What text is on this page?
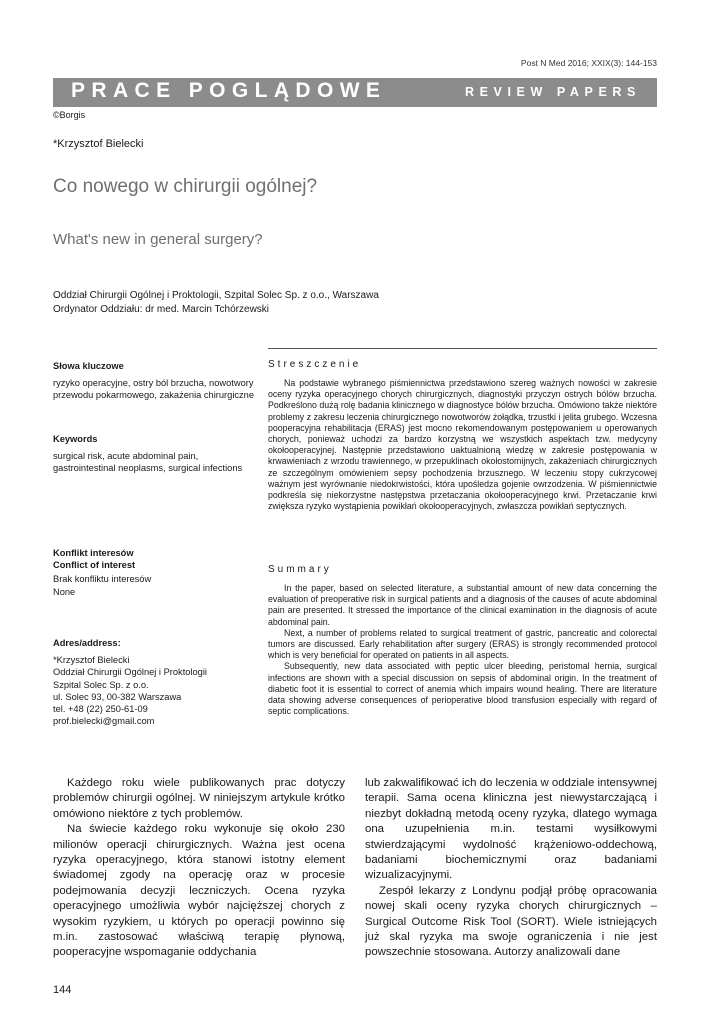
Post N Med 2016; XXIX(3): 144-153
PRACE POGLĄDOWE	REVIEW PAPERS
©Borgis
*Krzysztof Bielecki
Co nowego w chirurgii ogólnej?
What's new in general surgery?
Oddział Chirurgii Ogólnej i Proktologii, Szpital Solec Sp. z o.o., Warszawa
Ordynator Oddziału: dr med. Marcin Tchórzewski
Słowa kluczowe
ryzyko operacyjne, ostry ból brzucha, nowotwory przewodu pokarmowego, zakażenia chirurgiczne
Keywords
surgical risk, acute abdominal pain, gastrointestinal neoplasms, surgical infections
Konflikt interesów
Conflict of interest
Brak konfliktu interesów
None
Adres/address:
*Krzysztof Bielecki
Oddział Chirurgii Ogólnej i Proktologii
Szpital Solec Sp. z o.o.
ul. Solec 93, 00-382 Warszawa
tel. +48 (22) 250-61-09
prof.bielecki@gmail.com
Streszczenie

Na podstawie wybranego piśmiennictwa przedstawiono szereg ważnych nowości w zakresie oceny ryzyka operacyjnego chorych chirurgicznych, diagnostyki przyczyn ostrych bólów brzucha. Podkreślono dużą rolę badania klinicznego w diagnostyce bólów brzucha. Omówiono także niektóre problemy z zakresu leczenia chirurgicznego nowotworów żołądka, trzustki i jelita grubego. Wczesna pooperacyjna rehabilitacja (ERAS) jest mocno rekomendowanym postępowaniem u operowanych chorych, ponieważ uchodzi za bardzo korzystną we wszystkich aspektach tzw. medycyny okołooperacyjnej. Następnie przedstawiono uaktualnioną wiedzę w zakresie postępowania w krwawieniach z wrzodu trawiennego, w przepuklinach okołostomijnych, zakażeniach chirurgicznych ze szczególnym omówieniem sepsy pochodzenia brzusznego. W leczeniu stopy cukrzycowej ważnym jest wyrównanie niedokrwistości, która upośledza gojenie owrzodzenia. W piśmiennictwie podkreśla się niekorzystne następstwa przetaczania okołooperacyjnego krwi. Przetaczanie krwi zwiększa ryzyko wystąpienia powikłań okołooperacyjnych, zwłaszcza powikłań septycznych.

Summary

In the paper, based on selected literature, a substantial amount of new data concerning the evaluation of preoperative risk in surgical patients and a diagnosis of the causes of acute abdominal pain are presented. It stressed the importance of the clinical examination in the diagnosis of acute abdominal pain.

Next, a number of problems related to surgical treatment of gastric, pancreatic and colorectal tumors are discussed. Early rehabilitation after surgery (ERAS) is strongly recommended protocol which is very beneficial for operated on patients in all aspects.

Subsequently, new data associated with peptic ulcer bleeding, peristomal hernia, surgical infections are shown with a special discussion on sepsis of abdominal origin. In the treatment of diabetic foot it is essential to correct of anemia which impairs wound healing. There are literature data showing adverse consequences of perioperative blood transfusion especially with regard of septic complications.

Każdego roku wiele publikowanych prac dotyczy problemów chirurgii ogólnej. W niniejszym artykule krótko omówiono niektóre z tych problemów.

Na świecie każdego roku wykonuje się około 230 milionów operacji chirurgicznych. Ważna jest ocena ryzyka operacyjnego, która stanowi istotny element świadomej zgody na operację oraz w procesie podejmowania decyzji leczniczych. Ocena ryzyka operacyjnego umożliwia wybór najcięższej chorych z wysokim ryzykiem, u których po operacji powinno się m.in. zastosować właściwą terapię płynową, pooperacyjne wspomaganie oddychania

lub zakwalifikować ich do leczenia w oddziale intensywnej terapii. Sama ocena kliniczna jest niewystarczającą i niezbyt dokładną metodą oceny ryzyka, dlatego wymaga ona uzupełnienia m.in. testami wysiłkowymi stwierdzającymi wydolność krążeniowo-oddechową, badaniami biochemicznymi oraz badaniami wizualizacyjnymi.

Zespół lekarzy z Londynu podjął próbę opracowania nowej skali oceny ryzyka chorych chirurgicznych – Surgical Outcome Risk Tool (SORT). Wiele istniejących już skal ryzyka ma swoje ograniczenia i nie jest powszechnie stosowana. Autorzy analizowali dane

144
